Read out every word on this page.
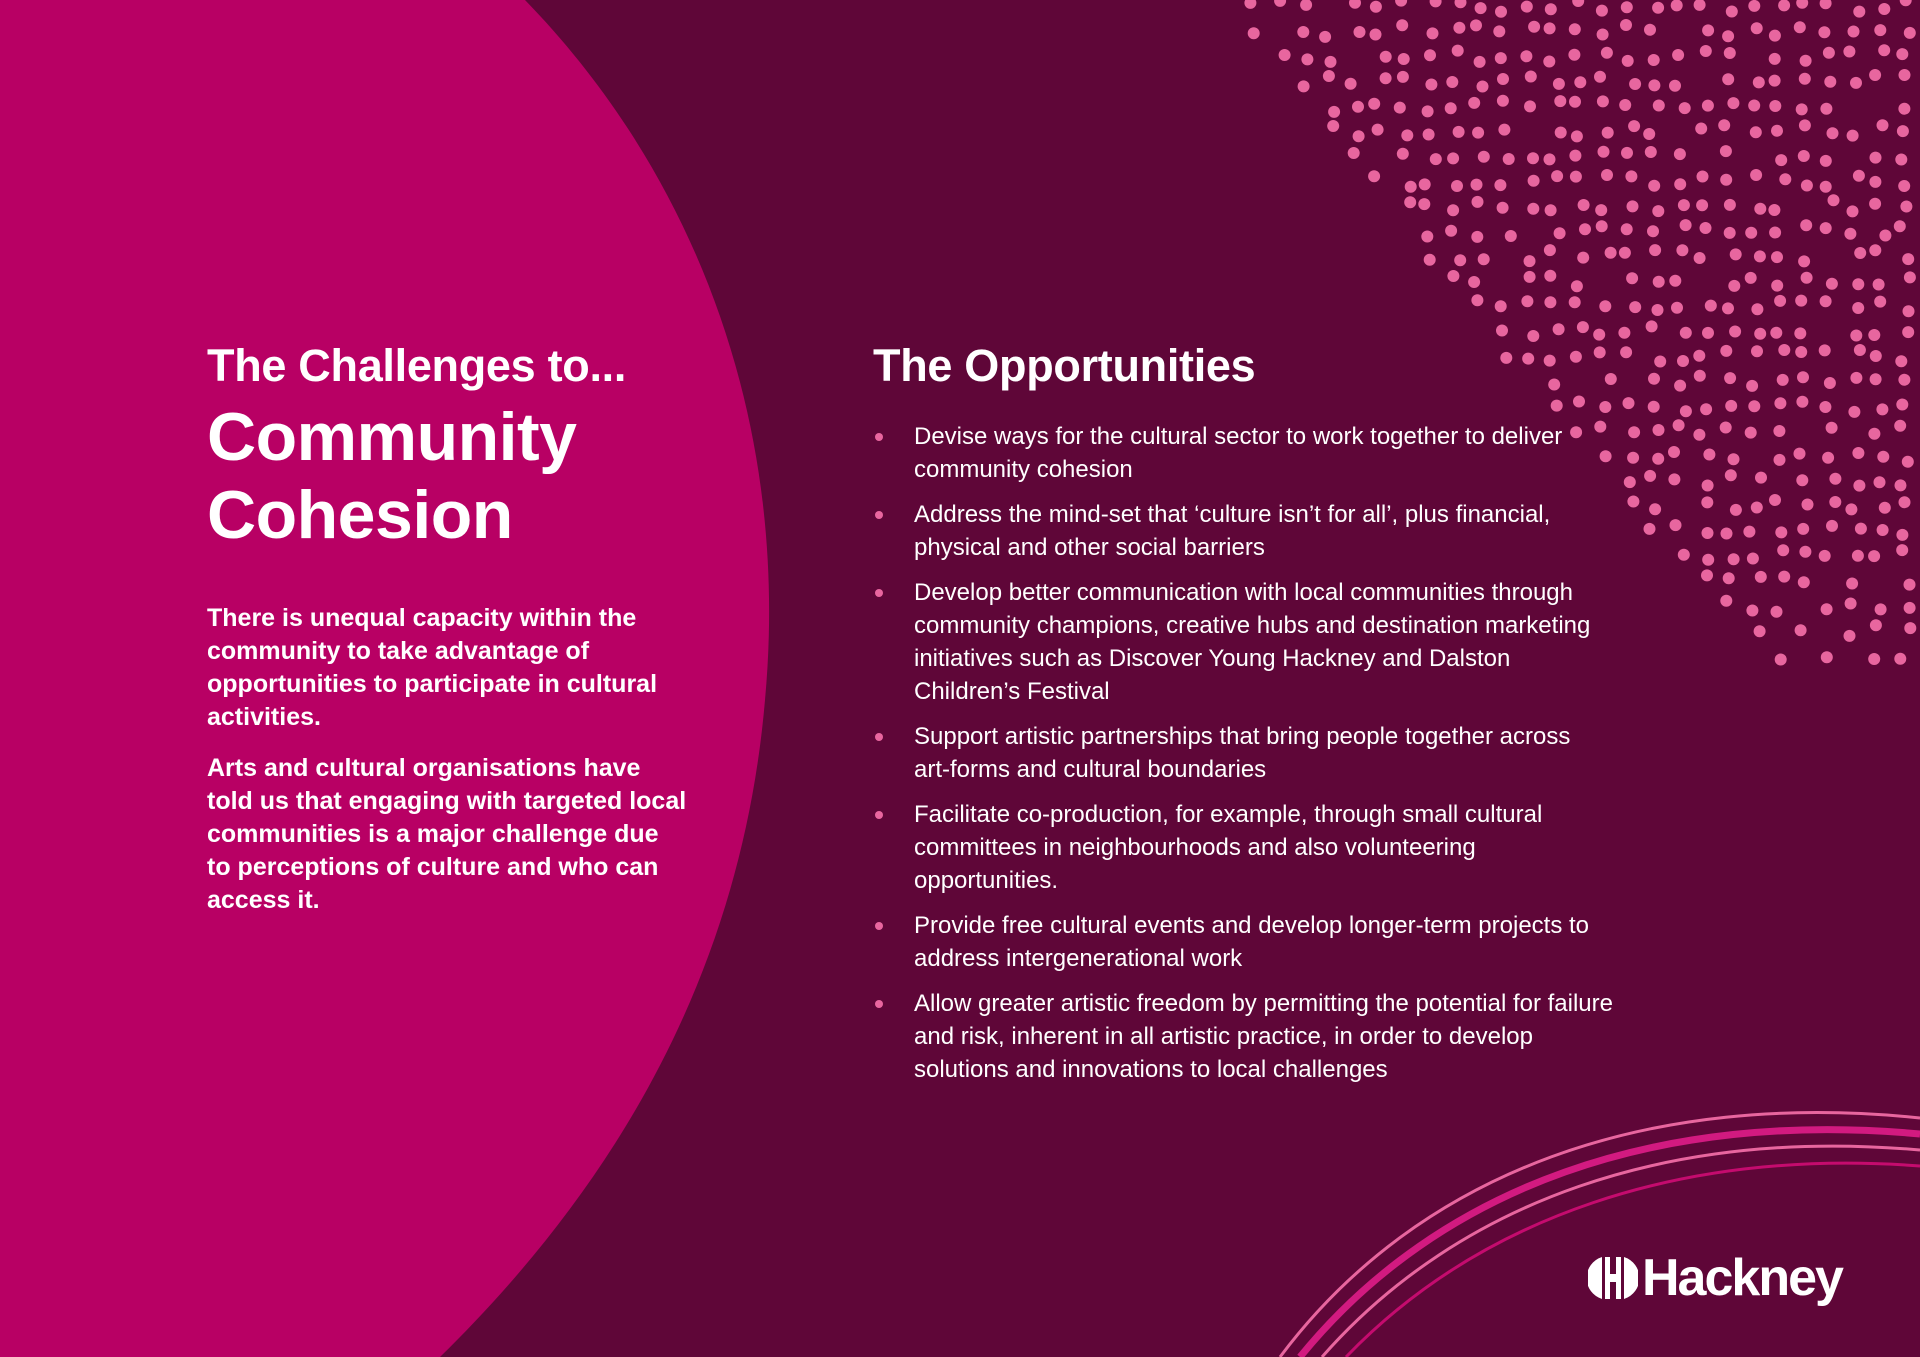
The Challenges to...
Community
Cohesion

There is unequal capacity within the community to take advantage of opportunities to participate in cultural activities.

Arts and cultural organisations have told us that engaging with targeted local communities is a major challenge due to perceptions of culture and who can access it.

The Opportunities
Devise ways for the cultural sector to work together to deliver community cohesion
Address the mind-set that ‘culture isn’t for all’, plus financial, physical and other social barriers
Develop better communication with local communities through community champions, creative hubs and destination marketing initiatives such as Discover Young Hackney and Dalston Children’s Festival
Support artistic partnerships that bring people together across art-forms and cultural boundaries
Facilitate co-production, for example, through small cultural committees in neighbourhoods and also volunteering opportunities.
Provide free cultural events and develop longer-term projects to address intergenerational work
Allow greater artistic freedom by permitting the potential for failure and risk, inherent in all artistic practice, in order to develop solutions and innovations to local challenges
Hackney
